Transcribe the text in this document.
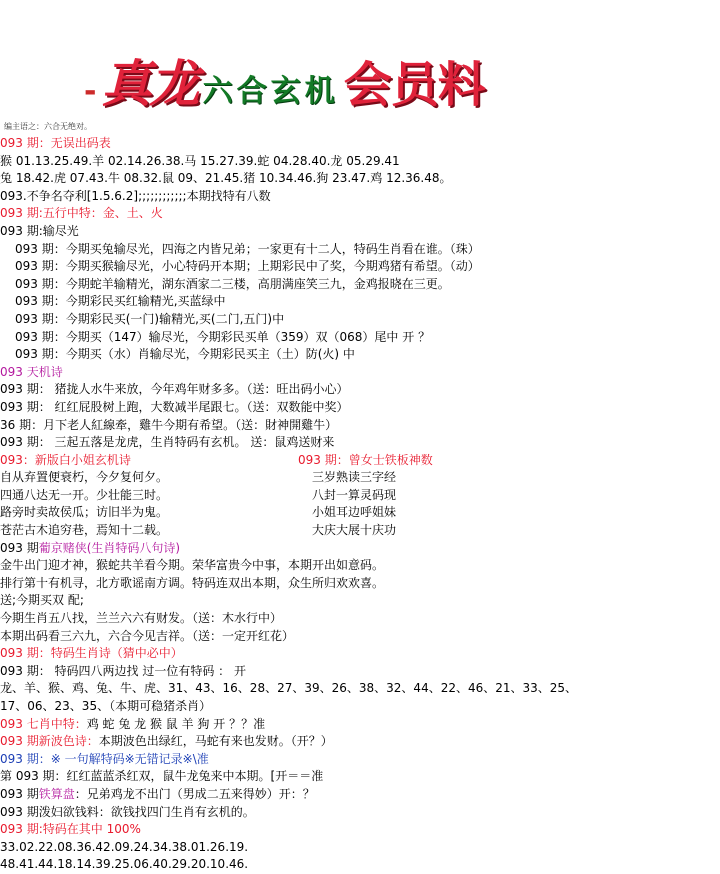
- 真龙 六合玄机 会员料
编主语之：六合无绝对。
093 期：无误出码表
猴 01.13.25.49.羊 02.14.26.38.马 15.27.39.蛇 04.28.40.龙 05.29.41
兔 18.42.虎 07.43.牛 08.32.鼠 09、21.45.猪 10.34.46.狗 23.47.鸡 12.36.48。
093.不争名夺利[1.5.6.2];;;;;;;;;;;;本期找特有八数
093 期:五行中特：金、土、火
093 期:输尽光
093 期：今期买兔输尽光，四海之内皆兄弟；一家更有十二人，特码生肖看在谁。（珠）
093 期：今期买猴输尽光，小心特码开本期；上期彩民中了奖，今期鸡猪有希望。（动）
093 期：今期蛇羊输精光，湖东酒家二三楼，高朋满座笑三九，金鸡报晓在三更。
093 期：今期彩民买红输精光,买蓝绿中
093 期：今期彩民买(一门)输精光,买(二门,五门)中
093 期：今期买（147）输尽光，今期彩民买单（359）双（068）尾中 开 ？
093 期：今期买（水）肖输尽光，今期彩民买主（土）防(火) 中
093 天机诗
093 期： 猪拢人水牛来放，今年鸡年财多多。（送：旺出码小心）
093 期： 红红屁股树上跑，大数减半尾跟七。（送：双数能中奖）
36 期：月下老人紅線牽，雞牛今期有希望。（送：財神開雞牛）
093 期： 三起五落是龙虎，生肖特码有玄机。 送：鼠鸡送财来
093：新版白小姐玄机诗	093 期：曾女士铁板神数
自从弃置便衰朽，今夕复何夕。	三岁熟读三字经
四通八达无一开。少壮能三时。	八封一算灵码现
路旁时卖故侯瓜；访旧半为鬼。	小姐耳边呼姐妹
苍茫古木追穷巷，焉知十二载。	大庆大展十庆功
093 期葡京赌侠(生肖特码八句诗)
金牛出门迎才神，猴蛇共羊看今期。荣华富贵今中事，本期开出如意码。
排行第十有机寻，北方歌谣南方调。特码连双出本期，众生所归欢欢喜。
送;今期买双 配;
今期生肖五八找，兰兰六六有财发。（送：木水行中）
本期出码看三六九，六合今见吉祥。（送：一定开红花）
093 期：特码生肖诗（猜中必中）
093 期： 特码四八两边找 过一位有特码 ： 开
龙、羊、猴、鸡、兔、牛、虎、31、43、16、28、27、39、26、38、32、44、22、46、21、33、25、
17、06、23、35、（本期可稳猪杀肖）
093 七肖中特：鸡 蛇 兔 龙 猴 鼠 羊 狗 开 ？？准
093 期新波色诗：本期波色出绿红，马蛇有来也发财。（开？）
093 期：※ 一句解特码※无错记录※\准
第 093 期：红红蓝蓝杀红双，鼠牛龙兔来中本期。[开＝＝准
093 期铁算盘：兄弟鸡龙不出门（男成二五来得妙）开：？
093 期泼妇欲钱料：欲钱找四门生肖有玄机的。
093 期:特码在其中 100%
33.02.22.08.36.42.09.24.34.38.01.26.19.
48.41.44.18.14.39.25.06.40.29.20.10.46.
